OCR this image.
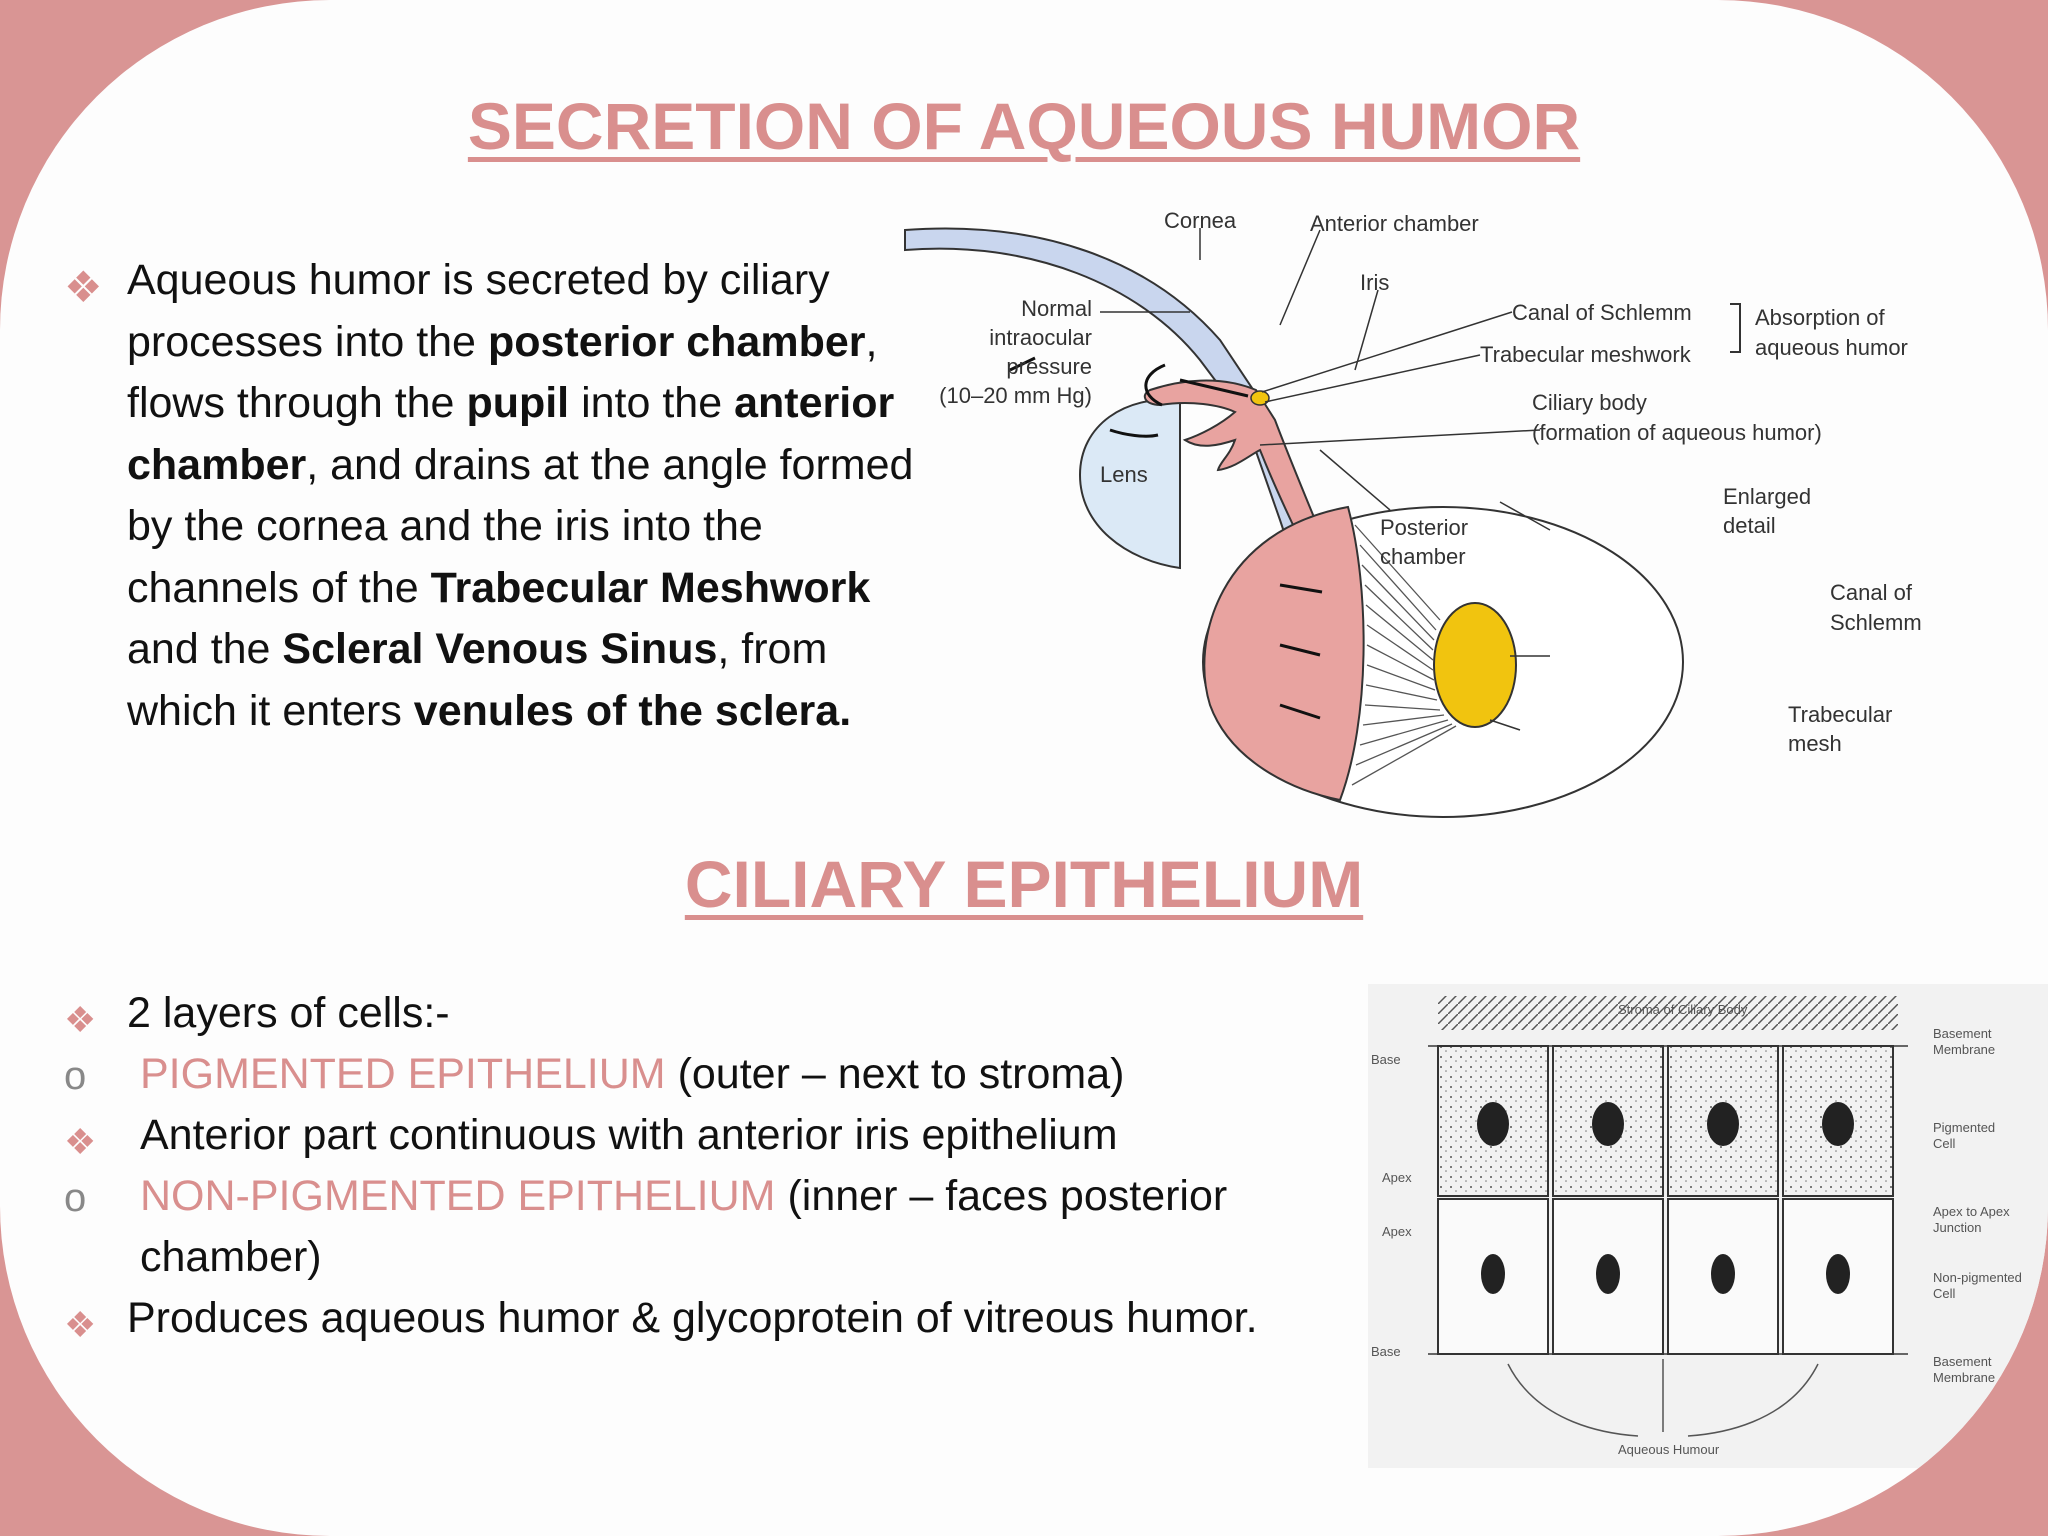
SECRETION OF AQUEOUS HUMOR
❖ Aqueous humor is secreted by ciliary processes into the posterior chamber, flows through the pupil into the anterior chamber, and drains at the angle formed by the cornea and the iris into the channels of the Trabecular Meshwork and the Scleral Venous Sinus, from which it enters venules of the sclera.
Cornea	Anterior chamber
Iris
Normal
intraocular
pressure
(10–20 mm Hg)
Canal of Schlemm
Trabecular meshwork
Absorption of
aqueous humor
Ciliary body
(formation of aqueous humor)
Lens
Posterior
chamber
Enlarged
detail
Canal of
Schlemm
Trabecular
mesh
CILIARY EPITHELIUM
❖ 2 layers of cells:-
o PIGMENTED EPITHELIUM (outer – next to stroma)
❖ Anterior part continuous with anterior iris epithelium
o NON-PIGMENTED EPITHELIUM (inner – faces posterior
chamber)
❖ Produces aqueous humor & glycoprotein of vitreous humor.
Stroma of Ciliary Body
Base
Apex
Apex
Base
Basement
Membrane
Pigmented
Cell
Apex to Apex
Junction
Non-pigmented
Cell
Basement
Membrane
Aqueous Humour
